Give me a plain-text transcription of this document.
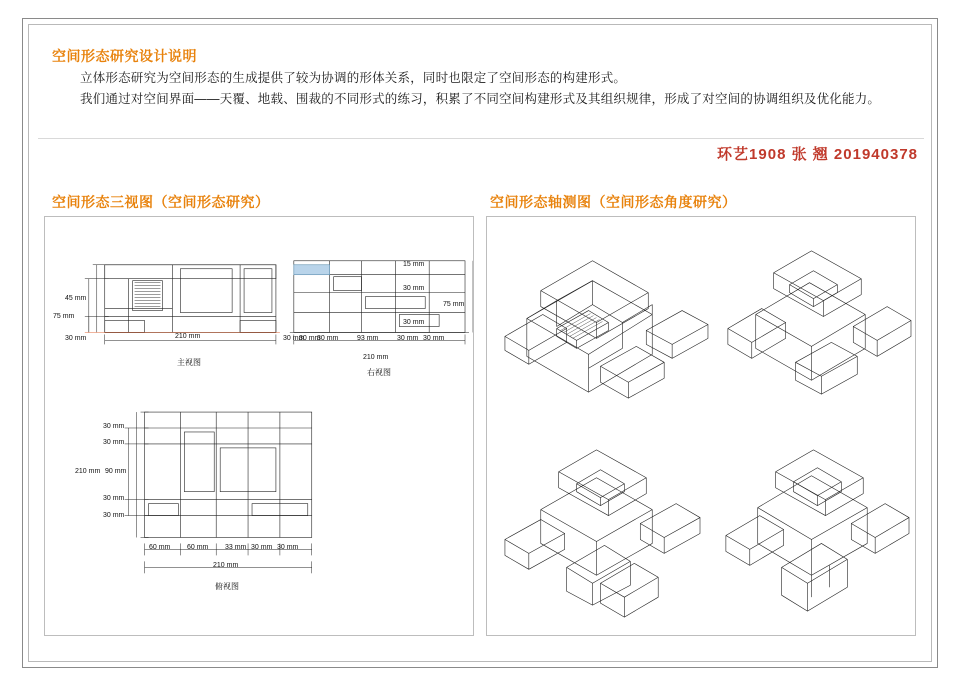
空间形态研究设计说明

立体形态研究为空间形态的生成提供了较为协调的形体关系，同时也限定了空间形态的构建形式。

我们通过对空间界面——天覆、地载、围裁的不同形式的练习，积累了不同空间构建形式及其组织规律，形成了对空间的协调组织及优化能力。

环艺1908 张 翘 201940378
空间形态三视图（空间形态研究）	空间形态轴测图（空间形态角度研究）
45 mm
75 mm
30 mm	210 mm
主视图
15 mm
30 mm
75 mm
30 mm
30 mm
30 mm
30 mm	93 mm	30 mm 30 mm
210 mm
右视图
30 mm
30 mm
210 mm 90 mm
30 mm
30 mm
60 mm 60 mm 33 mm 30 mm 30 mm
210 mm
俯视图
